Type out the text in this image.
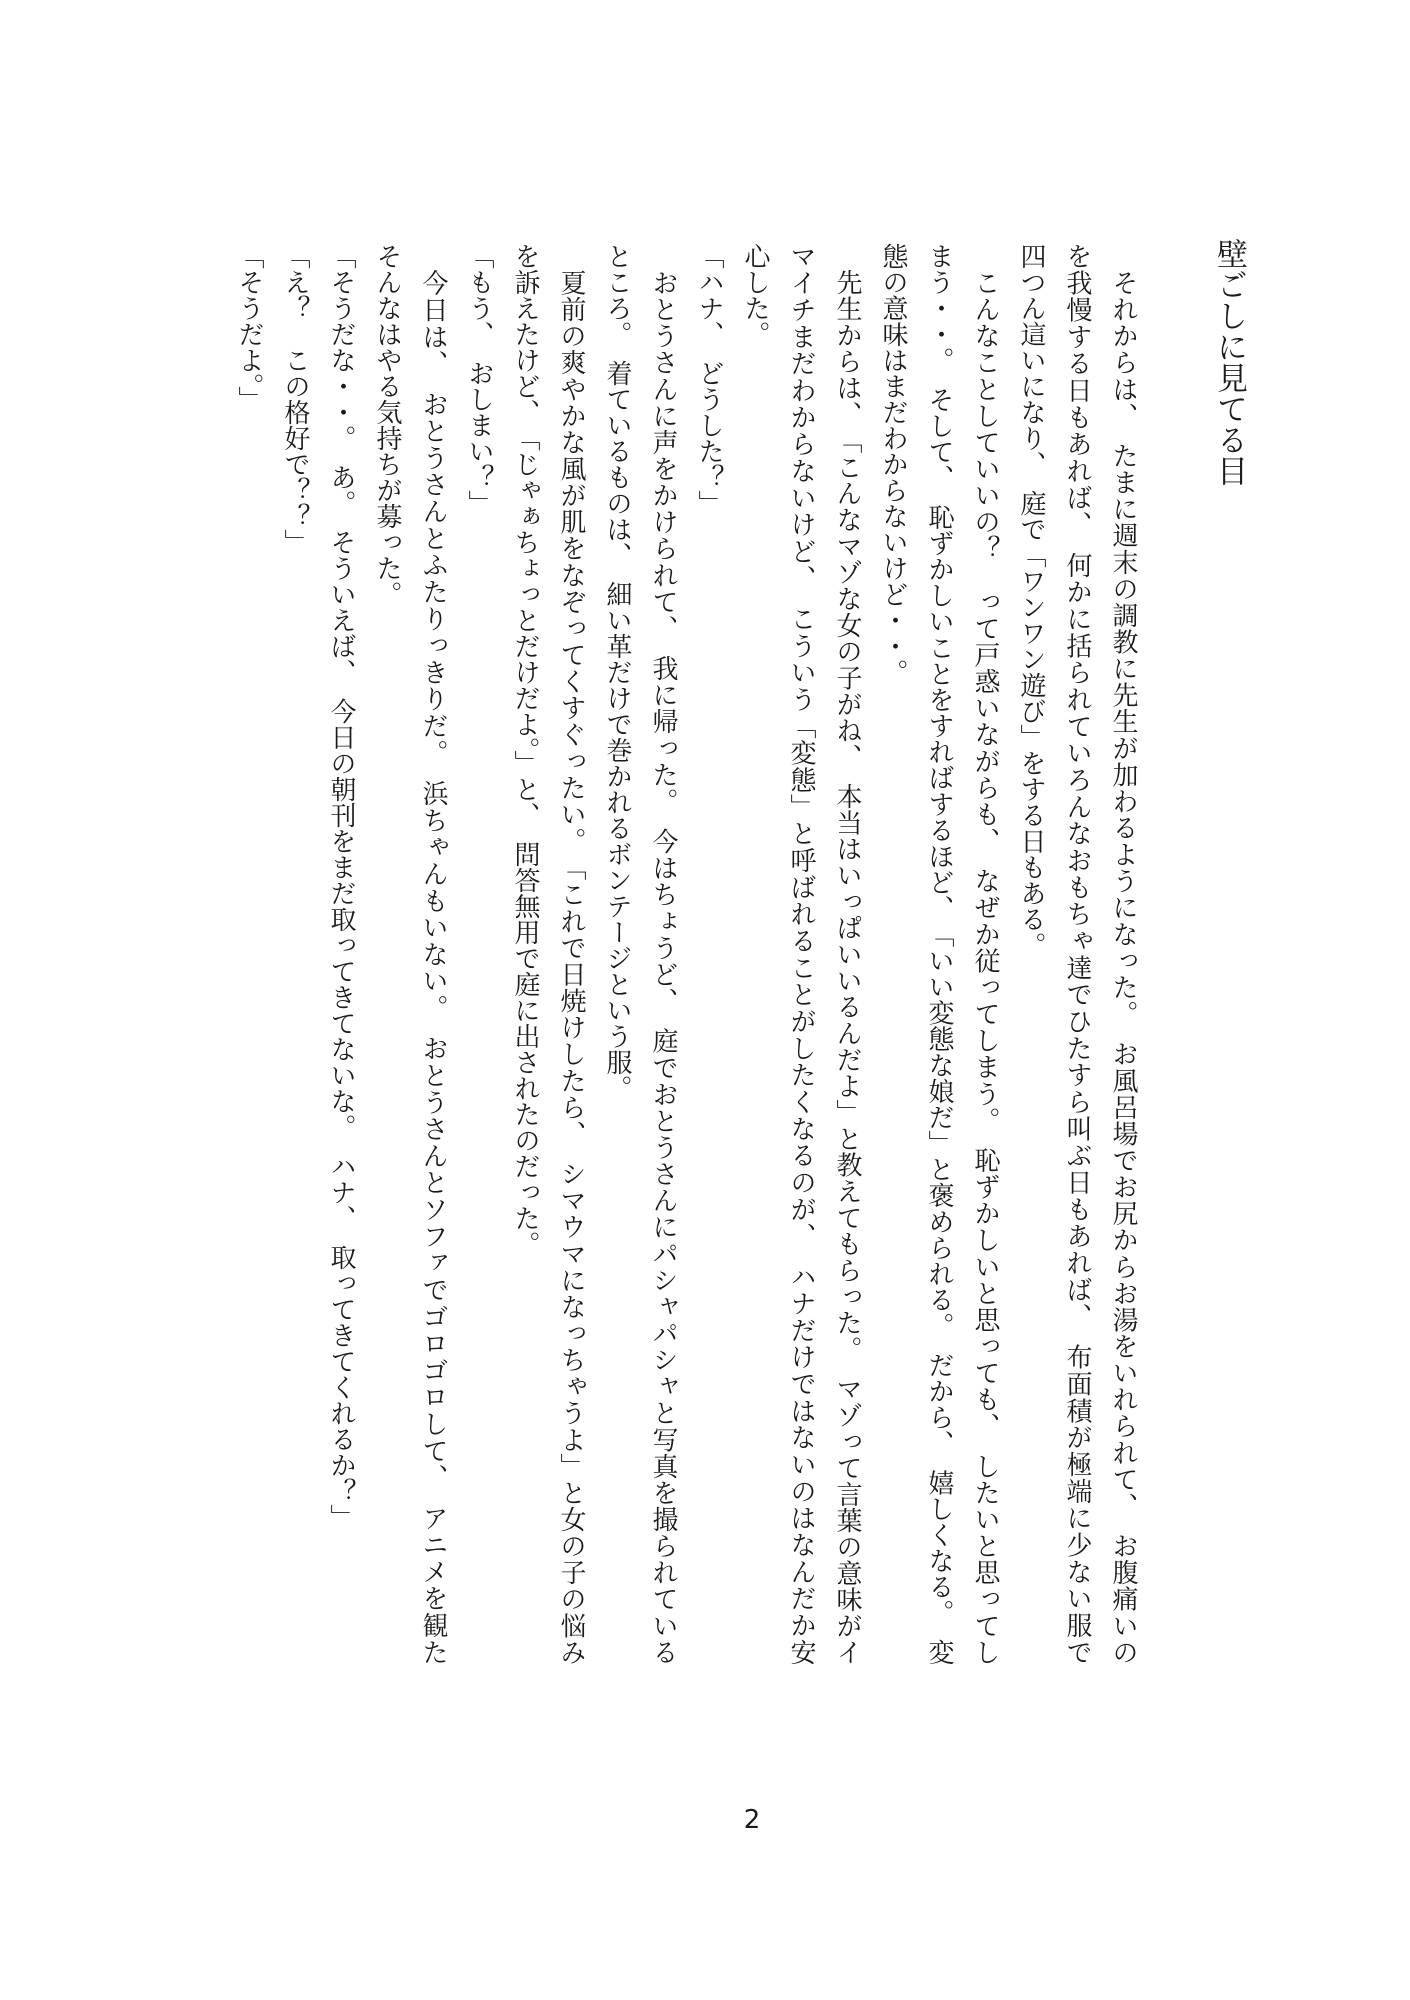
壁ごしに見てる目
　それからは、　たまに週末の調教に先生が加わるようになった。　お風呂場でお尻からお湯をいれられて、　お腹痛いの
を我慢する日もあれば、　何かに括られていろんなおもちゃ達でひたすら叫ぶ日もあれば、　布面積が極端に少ない服で
四つん這いになり、　庭で「ワンワン遊び」をする日もある。
　こんなことしていいの？　って戸惑いながらも、　なぜか従ってしまう。　恥ずかしいと思っても、　したいと思ってし
まう・・。　そして、　恥ずかしいことをすればするほど、　「いい変態な娘だ」と褒められる。　だから、　嬉しくなる。　変
態の意味はまだわからないけど・・。
　先生からは、　「こんなマゾな女の子がね、　本当はいっぱいいるんだよ」と教えてもらった。　マゾって言葉の意味がイ
マイチまだわからないけど、　こういう「変態」と呼ばれることがしたくなるのが、　ハナだけではないのはなんだか安
心した。
「ハナ、　どうした？」
　おとうさんに声をかけられて、　我に帰った。　今はちょうど、　庭でおとうさんにパシャパシャと写真を撮られている
ところ。　着ているものは、　細い革だけで巻かれるボンテージという服。
　夏前の爽やかな風が肌をなぞってくすぐったい。　「これで日焼けしたら、　シマウマになっちゃうよ」と女の子の悩み
を訴えたけど、　「じゃぁちょっとだけだよ。」と、　問答無用で庭に出されたのだった。
「もう、　おしまい？」
　今日は、　おとうさんとふたりっきりだ。　浜ちゃんもいない。　おとうさんとソファでゴロゴロして、　アニメを観た
そんなはやる気持ちが募った。
「そうだな・・。　あ。　そういえば、　今日の朝刊をまだ取ってきてないな。　ハナ、　取ってきてくれるか？」
「え？　この格好で？？」
「そうだよ。」
2
